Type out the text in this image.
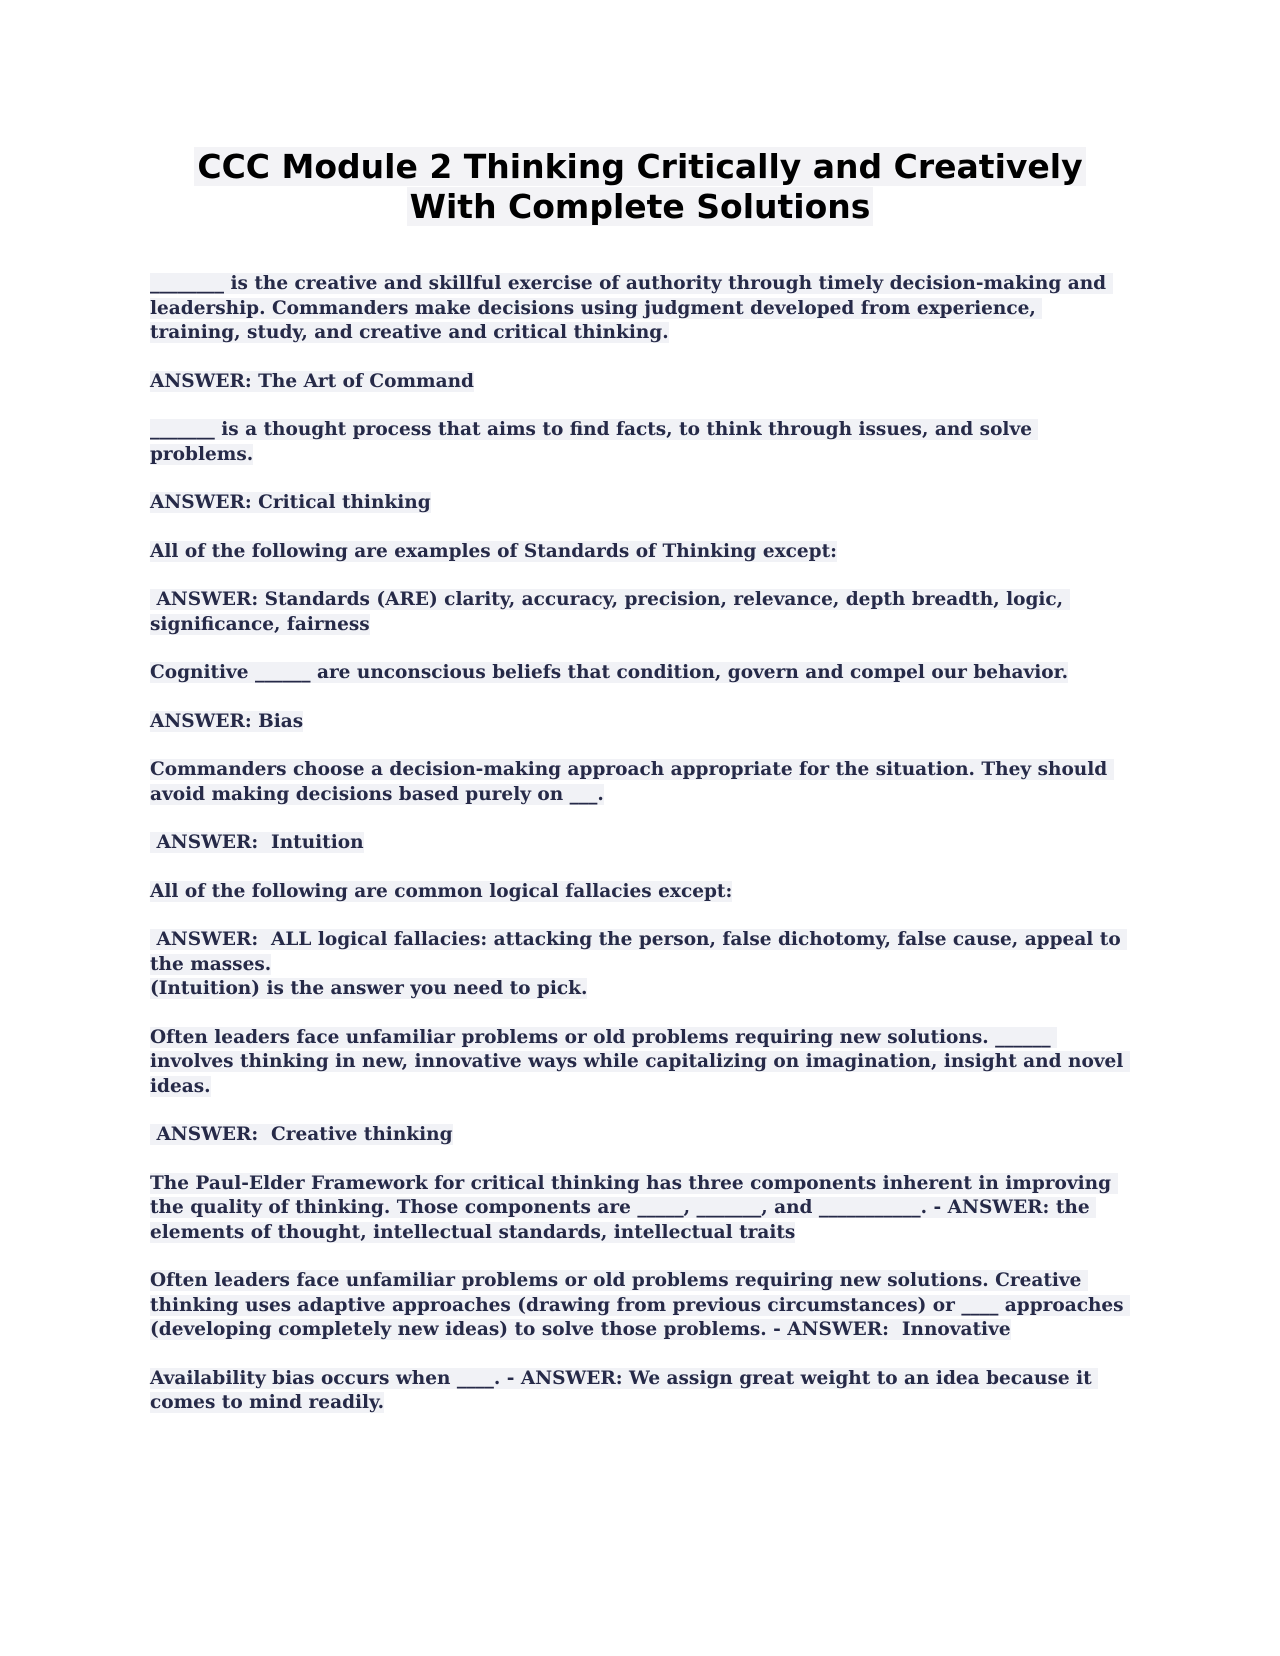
CCC Module 2 Thinking Critically and Creatively
With Complete Solutions

________ is the creative and skillful exercise of authority through timely decision-making and leadership. Commanders make decisions using judgment developed from experience, training, study, and creative and critical thinking.

ANSWER: The Art of Command

_______ is a thought process that aims to find facts, to think through issues, and solve problems.

ANSWER: Critical thinking

All of the following are examples of Standards of Thinking except:

ANSWER: Standards (ARE) clarity, accuracy, precision, relevance, depth breadth, logic, significance, fairness

Cognitive ______ are unconscious beliefs that condition, govern and compel our behavior.

ANSWER: Bias

Commanders choose a decision-making approach appropriate for the situation. They should avoid making decisions based purely on ___.

ANSWER:  Intuition

All of the following are common logical fallacies except:

ANSWER:  ALL logical fallacies: attacking the person, false dichotomy, false cause, appeal to the masses.
(Intuition) is the answer you need to pick.

Often leaders face unfamiliar problems or old problems requiring new solutions. ______ involves thinking in new, innovative ways while capitalizing on imagination, insight and novel ideas.

ANSWER:  Creative thinking

The Paul-Elder Framework for critical thinking has three components inherent in improving the quality of thinking. Those components are _____, _______, and ___________. - ANSWER: the elements of thought, intellectual standards, intellectual traits

Often leaders face unfamiliar problems or old problems requiring new solutions. Creative thinking uses adaptive approaches (drawing from previous circumstances) or ____ approaches (developing completely new ideas) to solve those problems. - ANSWER:  Innovative

Availability bias occurs when ____. - ANSWER: We assign great weight to an idea because it comes to mind readily.
